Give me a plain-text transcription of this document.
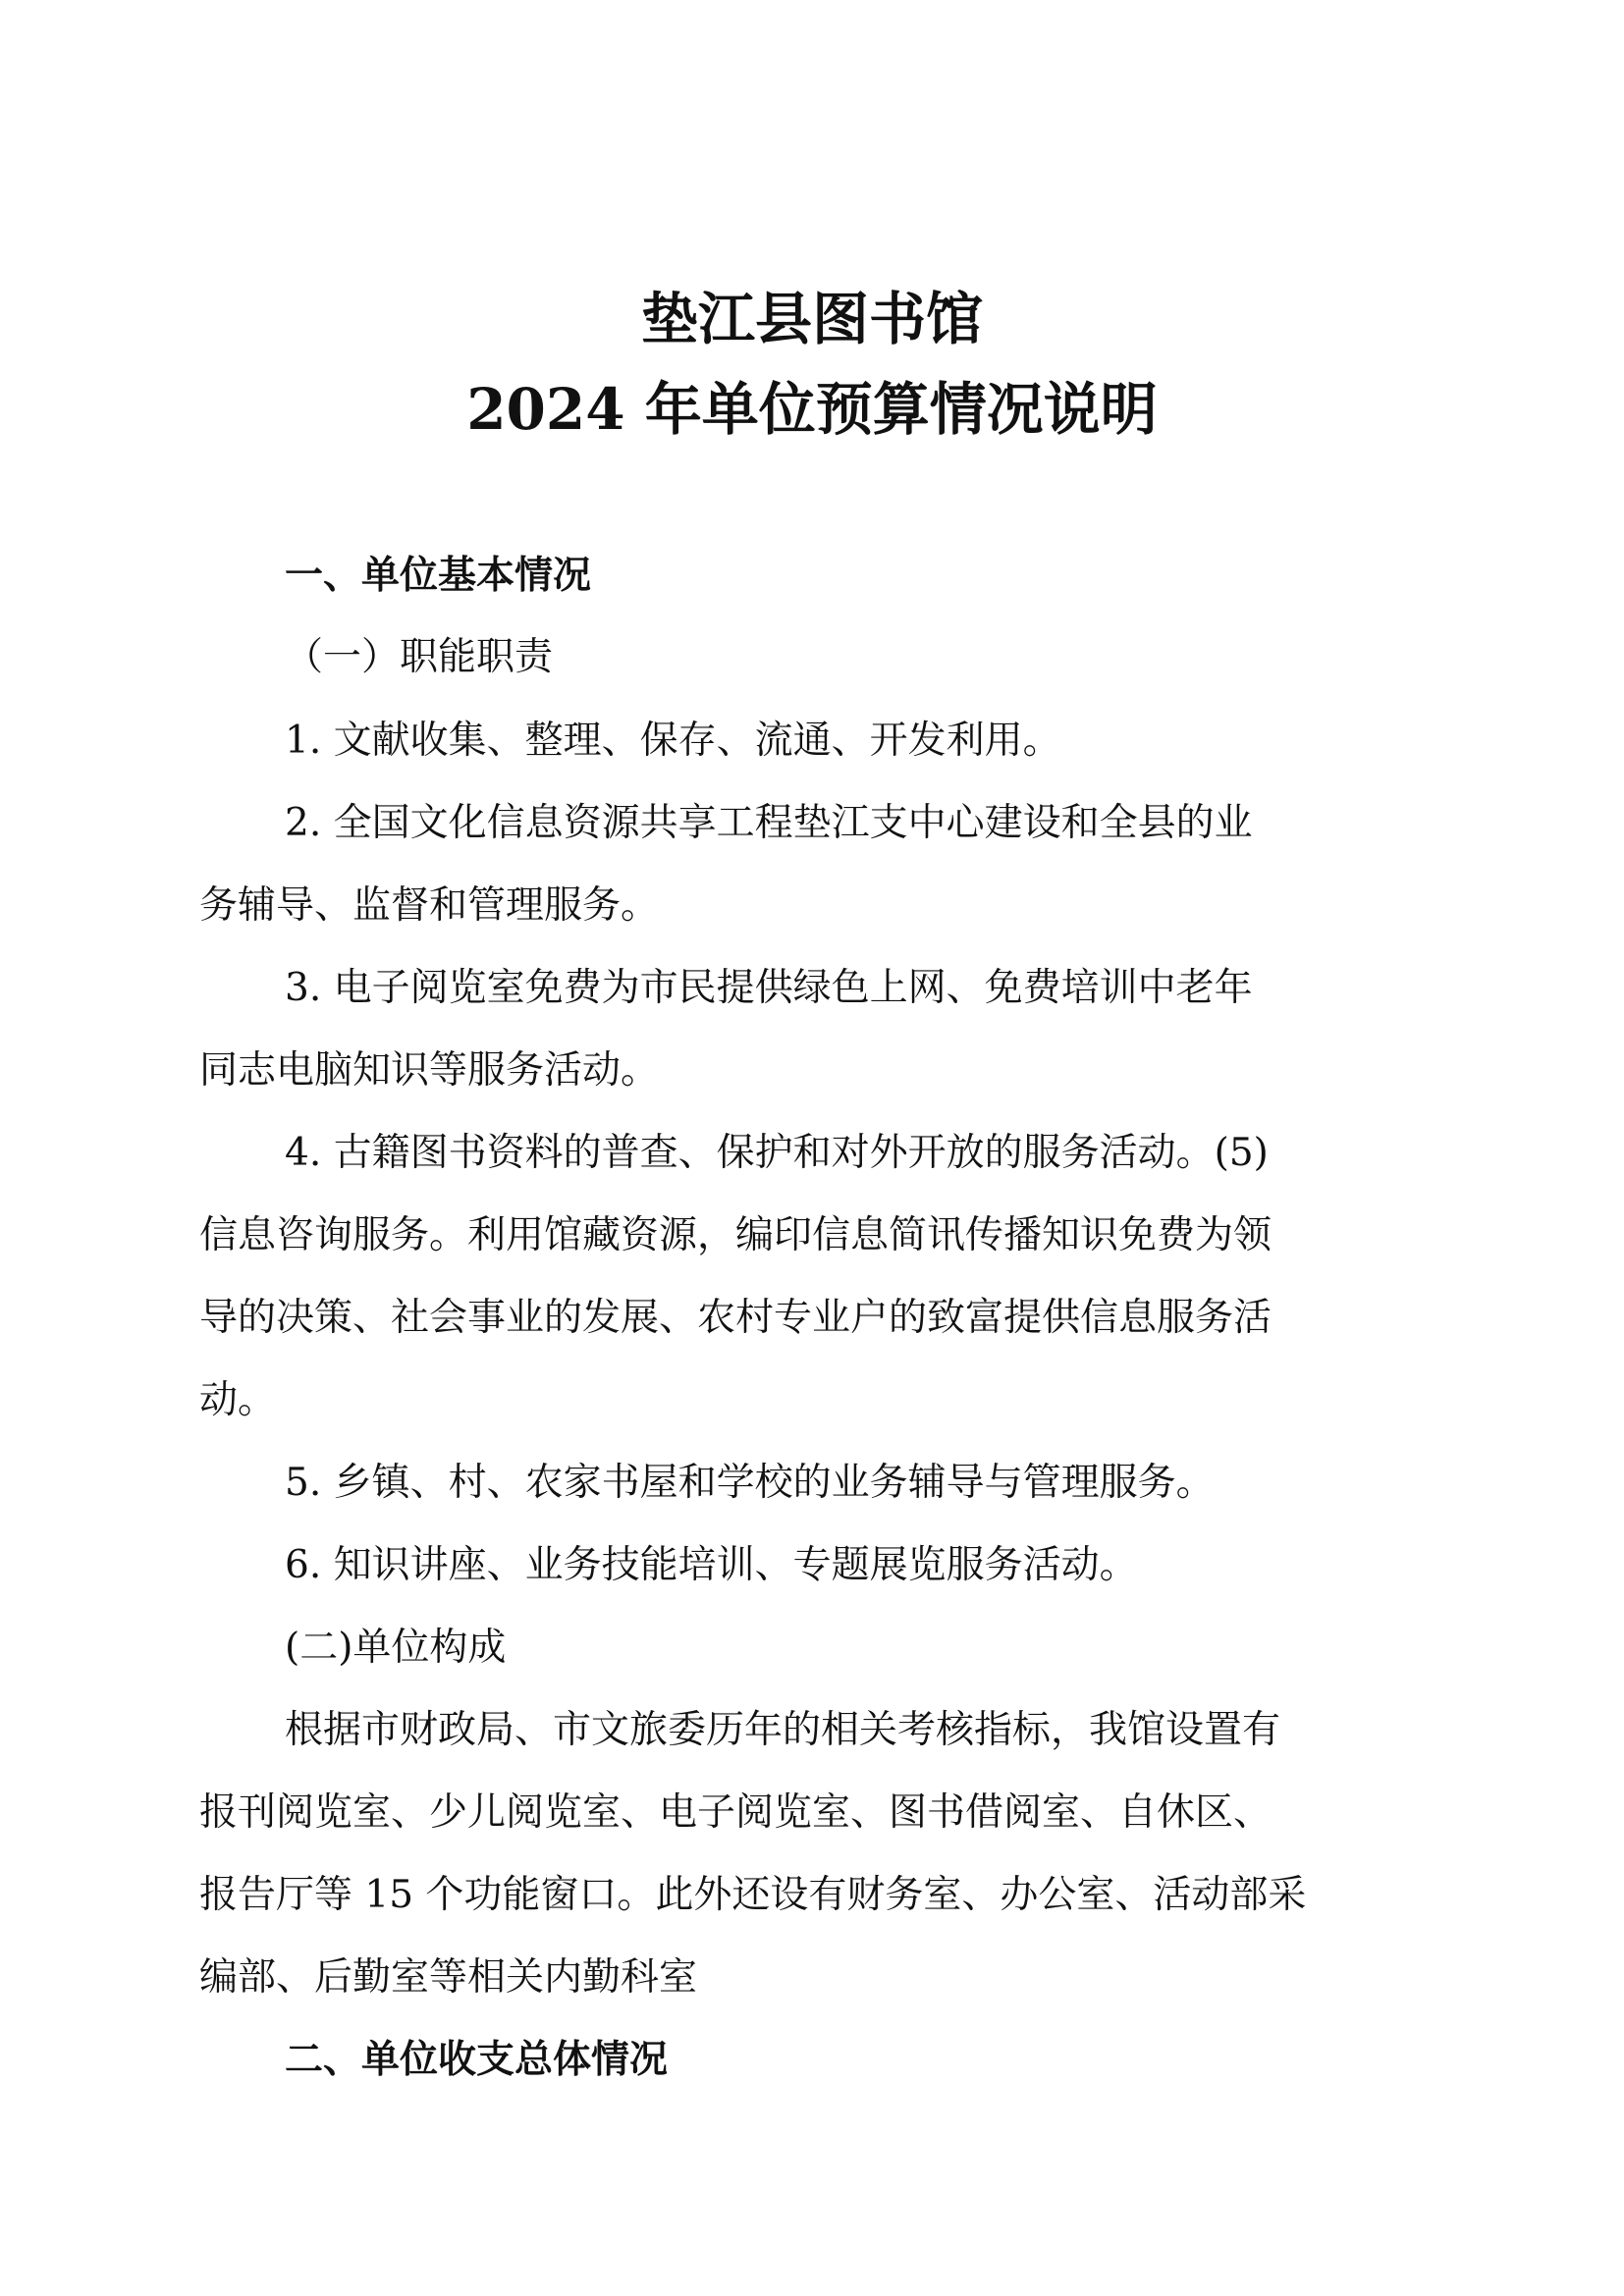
垫江县图书馆
2024 年单位预算情况说明
一、单位基本情况
（一）职能职责
1. 文献收集、整理、保存、流通、开发利用。
2. 全国文化信息资源共享工程垫江支中心建设和全县的业
务辅导、监督和管理服务。
3. 电子阅览室免费为市民提供绿色上网、免费培训中老年
同志电脑知识等服务活动。
4. 古籍图书资料的普查、保护和对外开放的服务活动。(5)
信息咨询服务。利用馆藏资源，编印信息简讯传播知识免费为领
导的决策、社会事业的发展、农村专业户的致富提供信息服务活
动。
5. 乡镇、村、农家书屋和学校的业务辅导与管理服务。
6. 知识讲座、业务技能培训、专题展览服务活动。
(二)单位构成
根据市财政局、市文旅委历年的相关考核指标，我馆设置有
报刊阅览室、少儿阅览室、电子阅览室、图书借阅室、自休区、
报告厅等 15 个功能窗口。此外还设有财务室、办公室、活动部采
编部、后勤室等相关内勤科室
二、单位收支总体情况
